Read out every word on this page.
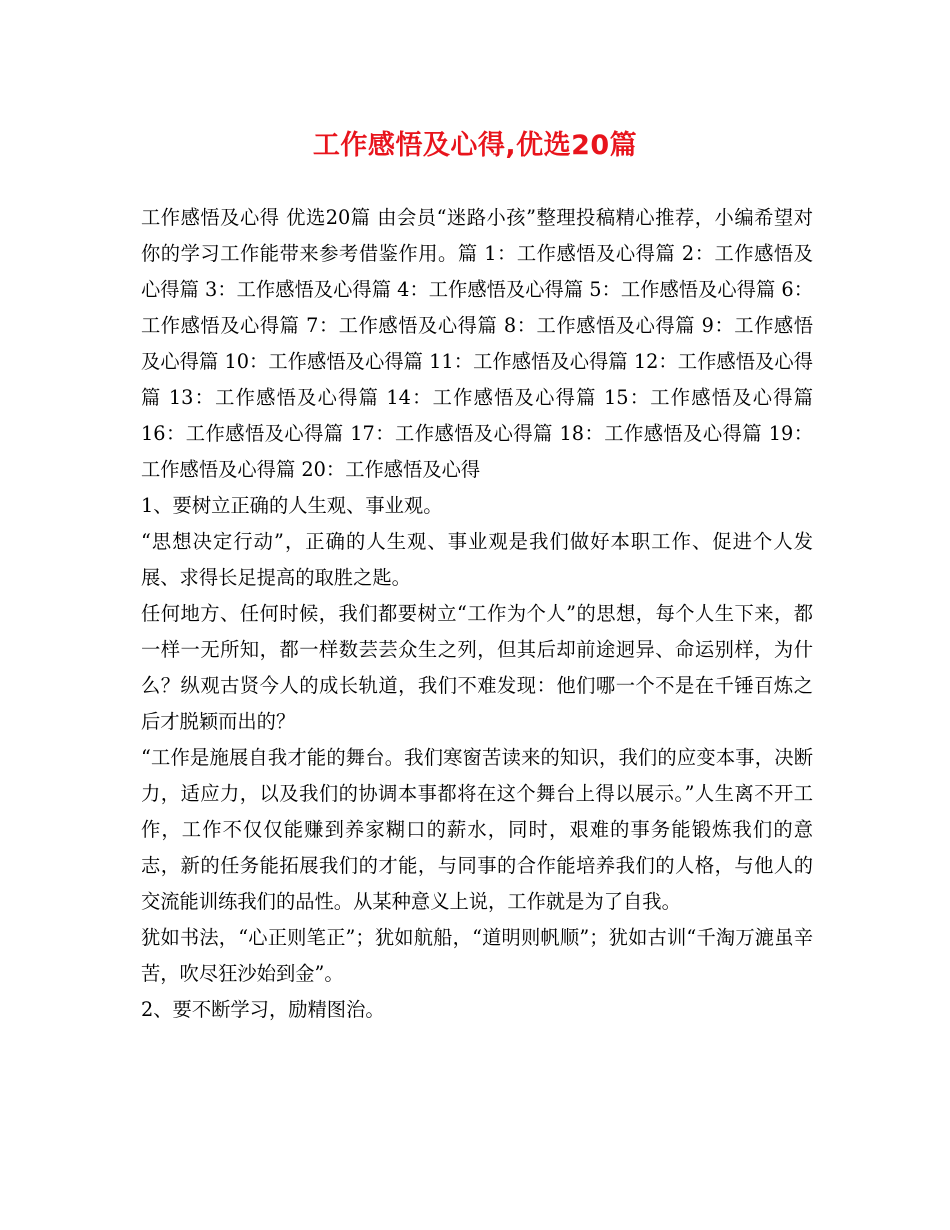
工作感悟及心得,优选20篇

工作感悟及心得 优选20篇 由会员“迷路小孩”整理投稿精心推荐，小编希望对你的学习工作能带来参考借鉴作用。篇 1：工作感悟及心得篇 2：工作感悟及心得篇 3：工作感悟及心得篇 4：工作感悟及心得篇 5：工作感悟及心得篇 6：工作感悟及心得篇 7：工作感悟及心得篇 8：工作感悟及心得篇 9：工作感悟及心得篇 10：工作感悟及心得篇 11：工作感悟及心得篇 12：工作感悟及心得篇 13：工作感悟及心得篇 14：工作感悟及心得篇 15：工作感悟及心得篇 16：工作感悟及心得篇 17：工作感悟及心得篇 18：工作感悟及心得篇 19：工作感悟及心得篇 20：工作感悟及心得

1、要树立正确的人生观、事业观。

“思想决定行动”，正确的人生观、事业观是我们做好本职工作、促进个人发展、求得长足提高的取胜之匙。

任何地方、任何时候，我们都要树立“工作为个人”的思想，每个人生下来，都一样一无所知，都一样数芸芸众生之列，但其后却前途迥异、命运别样，为什么？纵观古贤今人的成长轨道，我们不难发现：他们哪一个不是在千锤百炼之后才脱颖而出的？

“工作是施展自我才能的舞台。我们寒窗苦读来的知识，我们的应变本事，决断力，适应力，以及我们的协调本事都将在这个舞台上得以展示。”人生离不开工作，工作不仅仅能赚到养家糊口的薪水，同时，艰难的事务能锻炼我们的意志，新的任务能拓展我们的才能，与同事的合作能培养我们的人格，与他人的交流能训练我们的品性。从某种意义上说，工作就是为了自我。

犹如书法，“心正则笔正”；犹如航船，“道明则帆顺”；犹如古训“千淘万漉虽辛苦，吹尽狂沙始到金”。

2、要不断学习，励精图治。
